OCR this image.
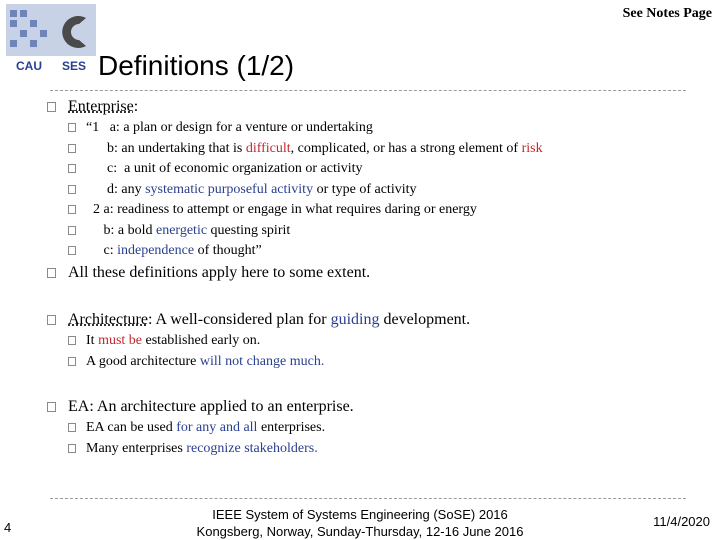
CAU SES
See Notes Page
Definitions (1/2)
Enterprise:
“1   a: a plan or design for a venture or undertaking
b: an undertaking that is difficult, complicated, or has a strong element of risk
c:  a unit of economic organization or activity
d: any systematic purposeful activity or type of activity
2 a: readiness to attempt or engage in what requires daring or energy
b: a bold energetic questing spirit
c: independence of thought”
All these definitions apply here to some extent.
Architecture: A well-considered plan for guiding development.
It must be established early on.
A good architecture will not change much.
EA: An architecture applied to an enterprise.
EA can be used for any and all enterprises.
Many enterprises recognize stakeholders.
4
IEEE System of Systems Engineering (SoSE) 2016
Kongsberg, Norway, Sunday-Thursday, 12-16 June 2016
11/4/2020
